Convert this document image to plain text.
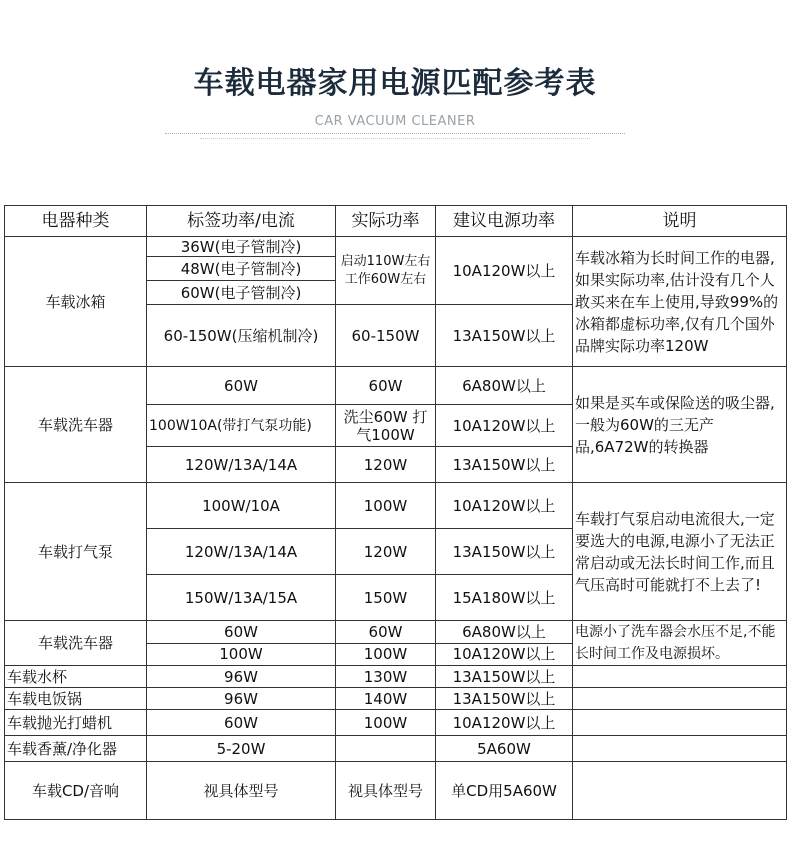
车载电器家用电源匹配参考表
CAR VACUUM CLEANER
电器种类	标签功率/电流	实际功率	建议电源功率	说明
车载冰箱	36W(电子管制冷)	启动110W左右 工作60W左右	10A120W以上	车载冰箱为长时间工作的电器,如果实际功率,估计没有几个人敢买来在车上使用,导致99%的冰箱都虚标功率,仅有几个国外品牌实际功率120W
	48W(电子管制冷)			
	60W(电子管制冷)			
	60-150W(压缩机制冷)	60-150W	13A150W以上	
车载洗车器	60W	60W	6A80W以上	如果是买车或保险送的吸尘器,一般为60W的三无产品,6A72W的转换器
	100W10A(带打气泵功能)	洗尘60W 打气100W	10A120W以上	
	120W/13A/14A	120W	13A150W以上	
车载打气泵	100W/10A	100W	10A120W以上	车载打气泵启动电流很大,一定要选大的电源,电源小了无法正常启动或无法长时间工作,而且气压高时可能就打不上去了!
	120W/13A/14A	120W	13A150W以上	
	150W/13A/15A	150W	15A180W以上	
车载洗车器	60W	60W	6A80W以上	电源小了洗车器会水压不足,不能长时间工作及电源损坏。
	100W	100W	10A120W以上	
车载水杯	96W	130W	13A150W以上	
车载电饭锅	96W	140W	13A150W以上	
车载抛光打蜡机	60W	100W	10A120W以上	
车载香薰/净化器	5-20W		5A60W	
车载CD/音响	视具体型号	视具体型号	单CD用5A60W	
